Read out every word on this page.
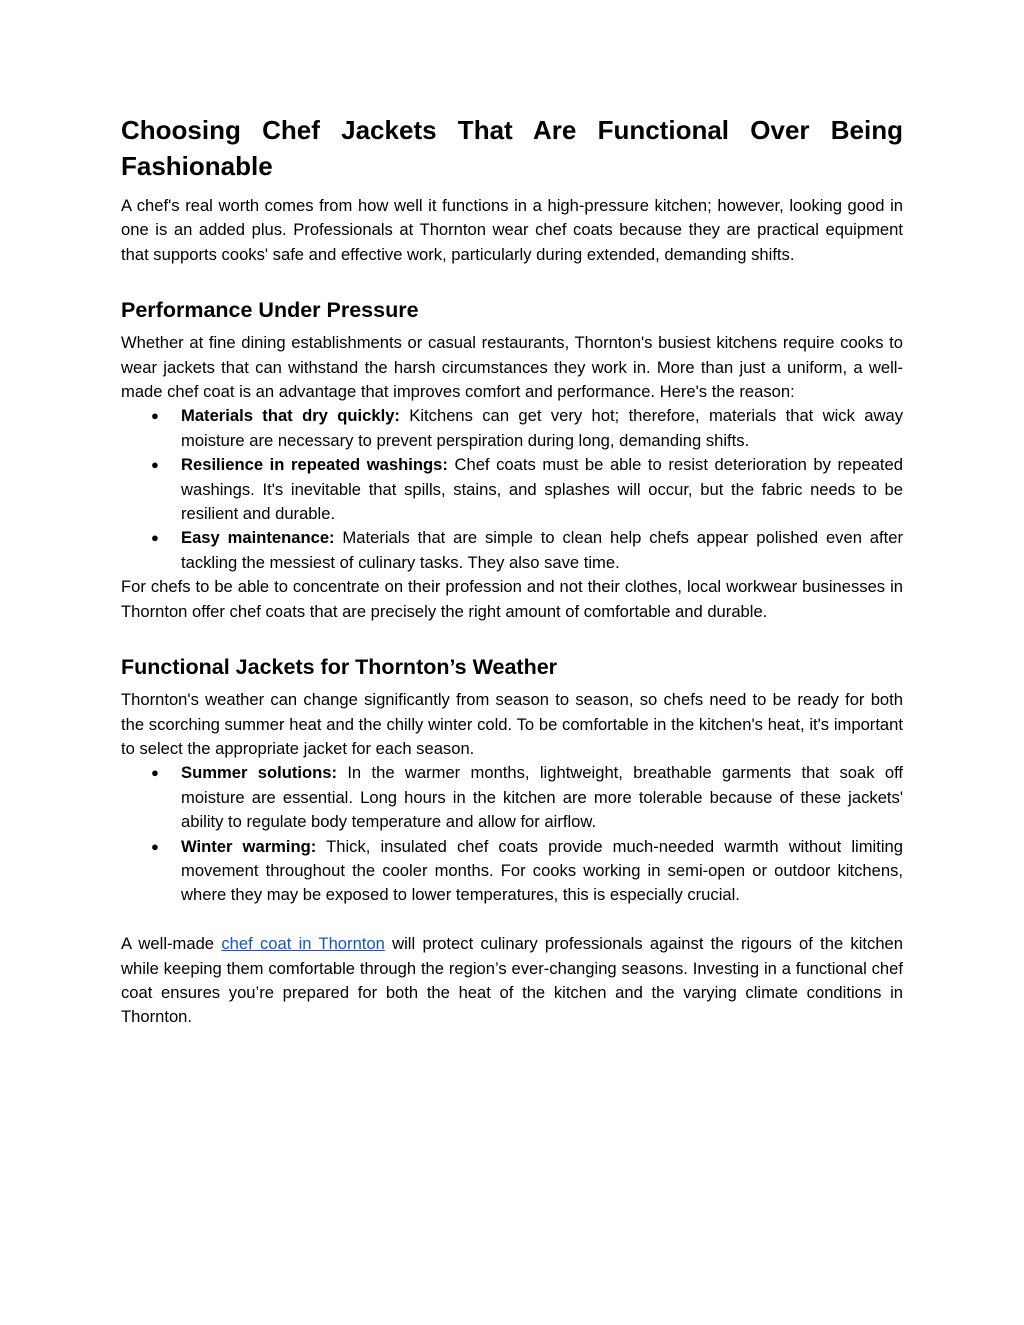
Choosing Chef Jackets That Are Functional Over Being
Fashionable

A chef's real worth comes from how well it functions in a high-pressure kitchen; however, looking good in one is an added plus. Professionals at Thornton wear chef coats because they are practical equipment that supports cooks' safe and effective work, particularly during extended, demanding shifts.

Performance Under Pressure

Whether at fine dining establishments or casual restaurants, Thornton's busiest kitchens require cooks to wear jackets that can withstand the harsh circumstances they work in. More than just a uniform, a well-made chef coat is an advantage that improves comfort and performance. Here's the reason:

● Materials that dry quickly: Kitchens can get very hot; therefore, materials that wick away moisture are necessary to prevent perspiration during long, demanding shifts.
● Resilience in repeated washings: Chef coats must be able to resist deterioration by repeated washings. It's inevitable that spills, stains, and splashes will occur, but the fabric needs to be resilient and durable.
● Easy maintenance: Materials that are simple to clean help chefs appear polished even after tackling the messiest of culinary tasks. They also save time.

For chefs to be able to concentrate on their profession and not their clothes, local workwear businesses in Thornton offer chef coats that are precisely the right amount of comfortable and durable.

Functional Jackets for Thornton’s Weather

Thornton's weather can change significantly from season to season, so chefs need to be ready for both the scorching summer heat and the chilly winter cold. To be comfortable in the kitchen's heat, it's important to select the appropriate jacket for each season.

● Summer solutions: In the warmer months, lightweight, breathable garments that soak off moisture are essential. Long hours in the kitchen are more tolerable because of these jackets' ability to regulate body temperature and allow for airflow.
● Winter warming: Thick, insulated chef coats provide much-needed warmth without limiting movement throughout the cooler months. For cooks working in semi-open or outdoor kitchens, where they may be exposed to lower temperatures, this is especially crucial.

A well-made chef coat in Thornton will protect culinary professionals against the rigours of the kitchen while keeping them comfortable through the region’s ever-changing seasons. Investing in a functional chef coat ensures you’re prepared for both the heat of the kitchen and the varying climate conditions in Thornton.
